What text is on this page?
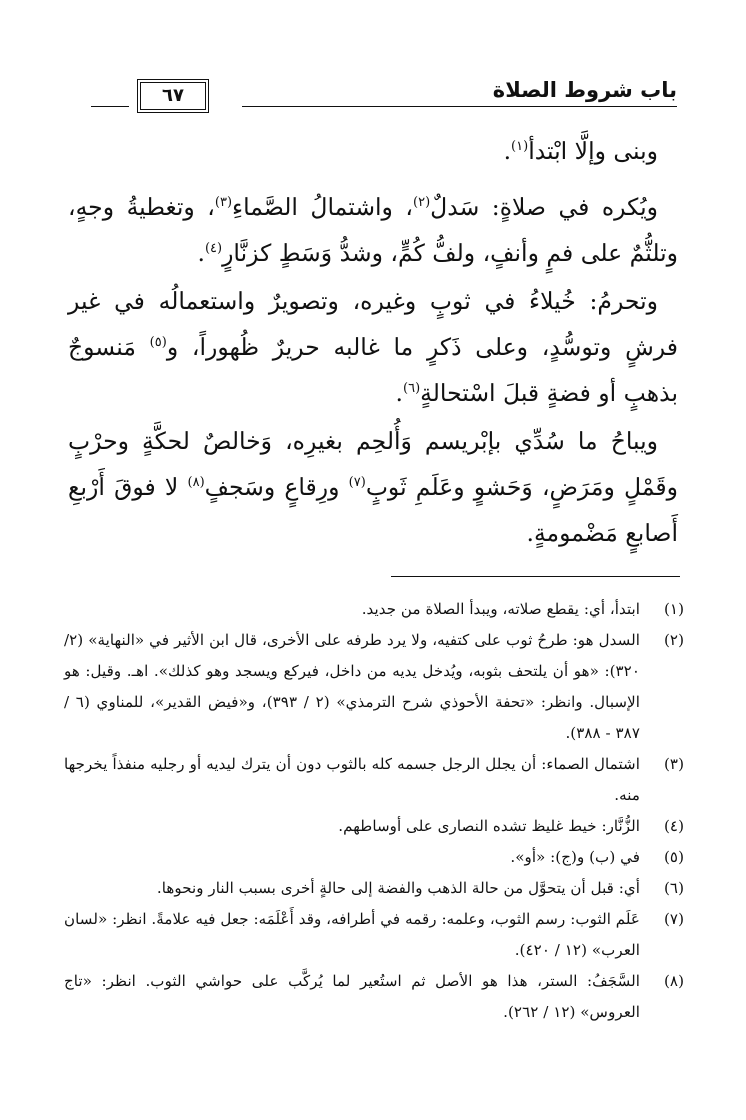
باب شروط الصلاة
٦٧

وبنى وإلَّا ابْتدأ$^{(١)}$.

ويُكره في صلاةٍ: سَدلٌ$^{(٢)}$، واشتمالُ الصَّماءِ$^{(٣)}$، وتغطيةُ وجهٍ، وتلثُّمٌ على فمٍ وأنفٍ، ولفُّ كُمٍّ، وشدُّ وَسَطٍ كزنَّارٍ$^{(٤)}$.

وتحرمُ: خُيلاءُ في ثوبٍ وغيره، وتصويرٌ واستعمالُه في غير فرشٍ وتوسُّدٍ، وعلى ذَكرٍ ما غالبه حريرٌ ظُهوراً، و$^{(٥)}$ مَنسوجٌ بذهبٍ أو فضةٍ قبلَ اسْتحالةٍ$^{(٦)}$.

ويباحُ ما سُدِّي بإبْريسم وَأُلحِم بغيرِه، وَخالصٌ لحكَّةٍ وحرْبٍ وقَمْلٍ ومَرَضٍ، وَحَشوٍ وعَلَمِ ثَوبٍ$^{(٧)}$ ورِقاعٍ وسَجفٍ$^{(٨)}$ لا فوقَ أَرْبعِ أَصابعٍ مَضْمومةٍ.

(١)
ابتدأ، أي: يقطع صلاته، ويبدأ الصلاة من جديد.
(٢)
السدل هو: طرحُ ثوب على كتفيه، ولا يرد طرفه على الأخرى، قال ابن الأثير في «النهاية» (٢/ ٣٢٠): «هو أن يلتحف بثوبه، ويُدخل يديه من داخل، فيركع ويسجد وهو كذلك». اهـ. وقيل: هو الإسبال. وانظر: «تحفة الأحوذي شرح الترمذي» (٢ / ٣٩٣)، و«فيض القدير»، للمناوي (٦ / ٣٨٧ - ٣٨٨).
(٣)
اشتمال الصماء: أن يجلل الرجل جسمه كله بالثوب دون أن يترك ليديه أو رجليه منفذاً يخرجها منه.
(٤)
الزُّنَّار: خيط غليظ تشده النصارى على أوساطهم.
(٥)
في (ب) و(ج): «أو».
(٦)
أي: قبل أن يتحوَّل من حالة الذهب والفضة إلى حالةٍ أخرى بسبب النار ونحوها.
(٧)
عَلَم الثوب: رسم الثوب، وعلمه: رقمه في أطرافه، وقد أَعْلَمَه: جعل فيه علامةً. انظر: «لسان العرب» (١٢ / ٤٢٠).
(٨)
السَّجَفُ: الستر، هذا هو الأصل ثم استُعير لما يُركَّب على حواشي الثوب. انظر: «تاج العروس» (١٢ / ٢٦٢).
